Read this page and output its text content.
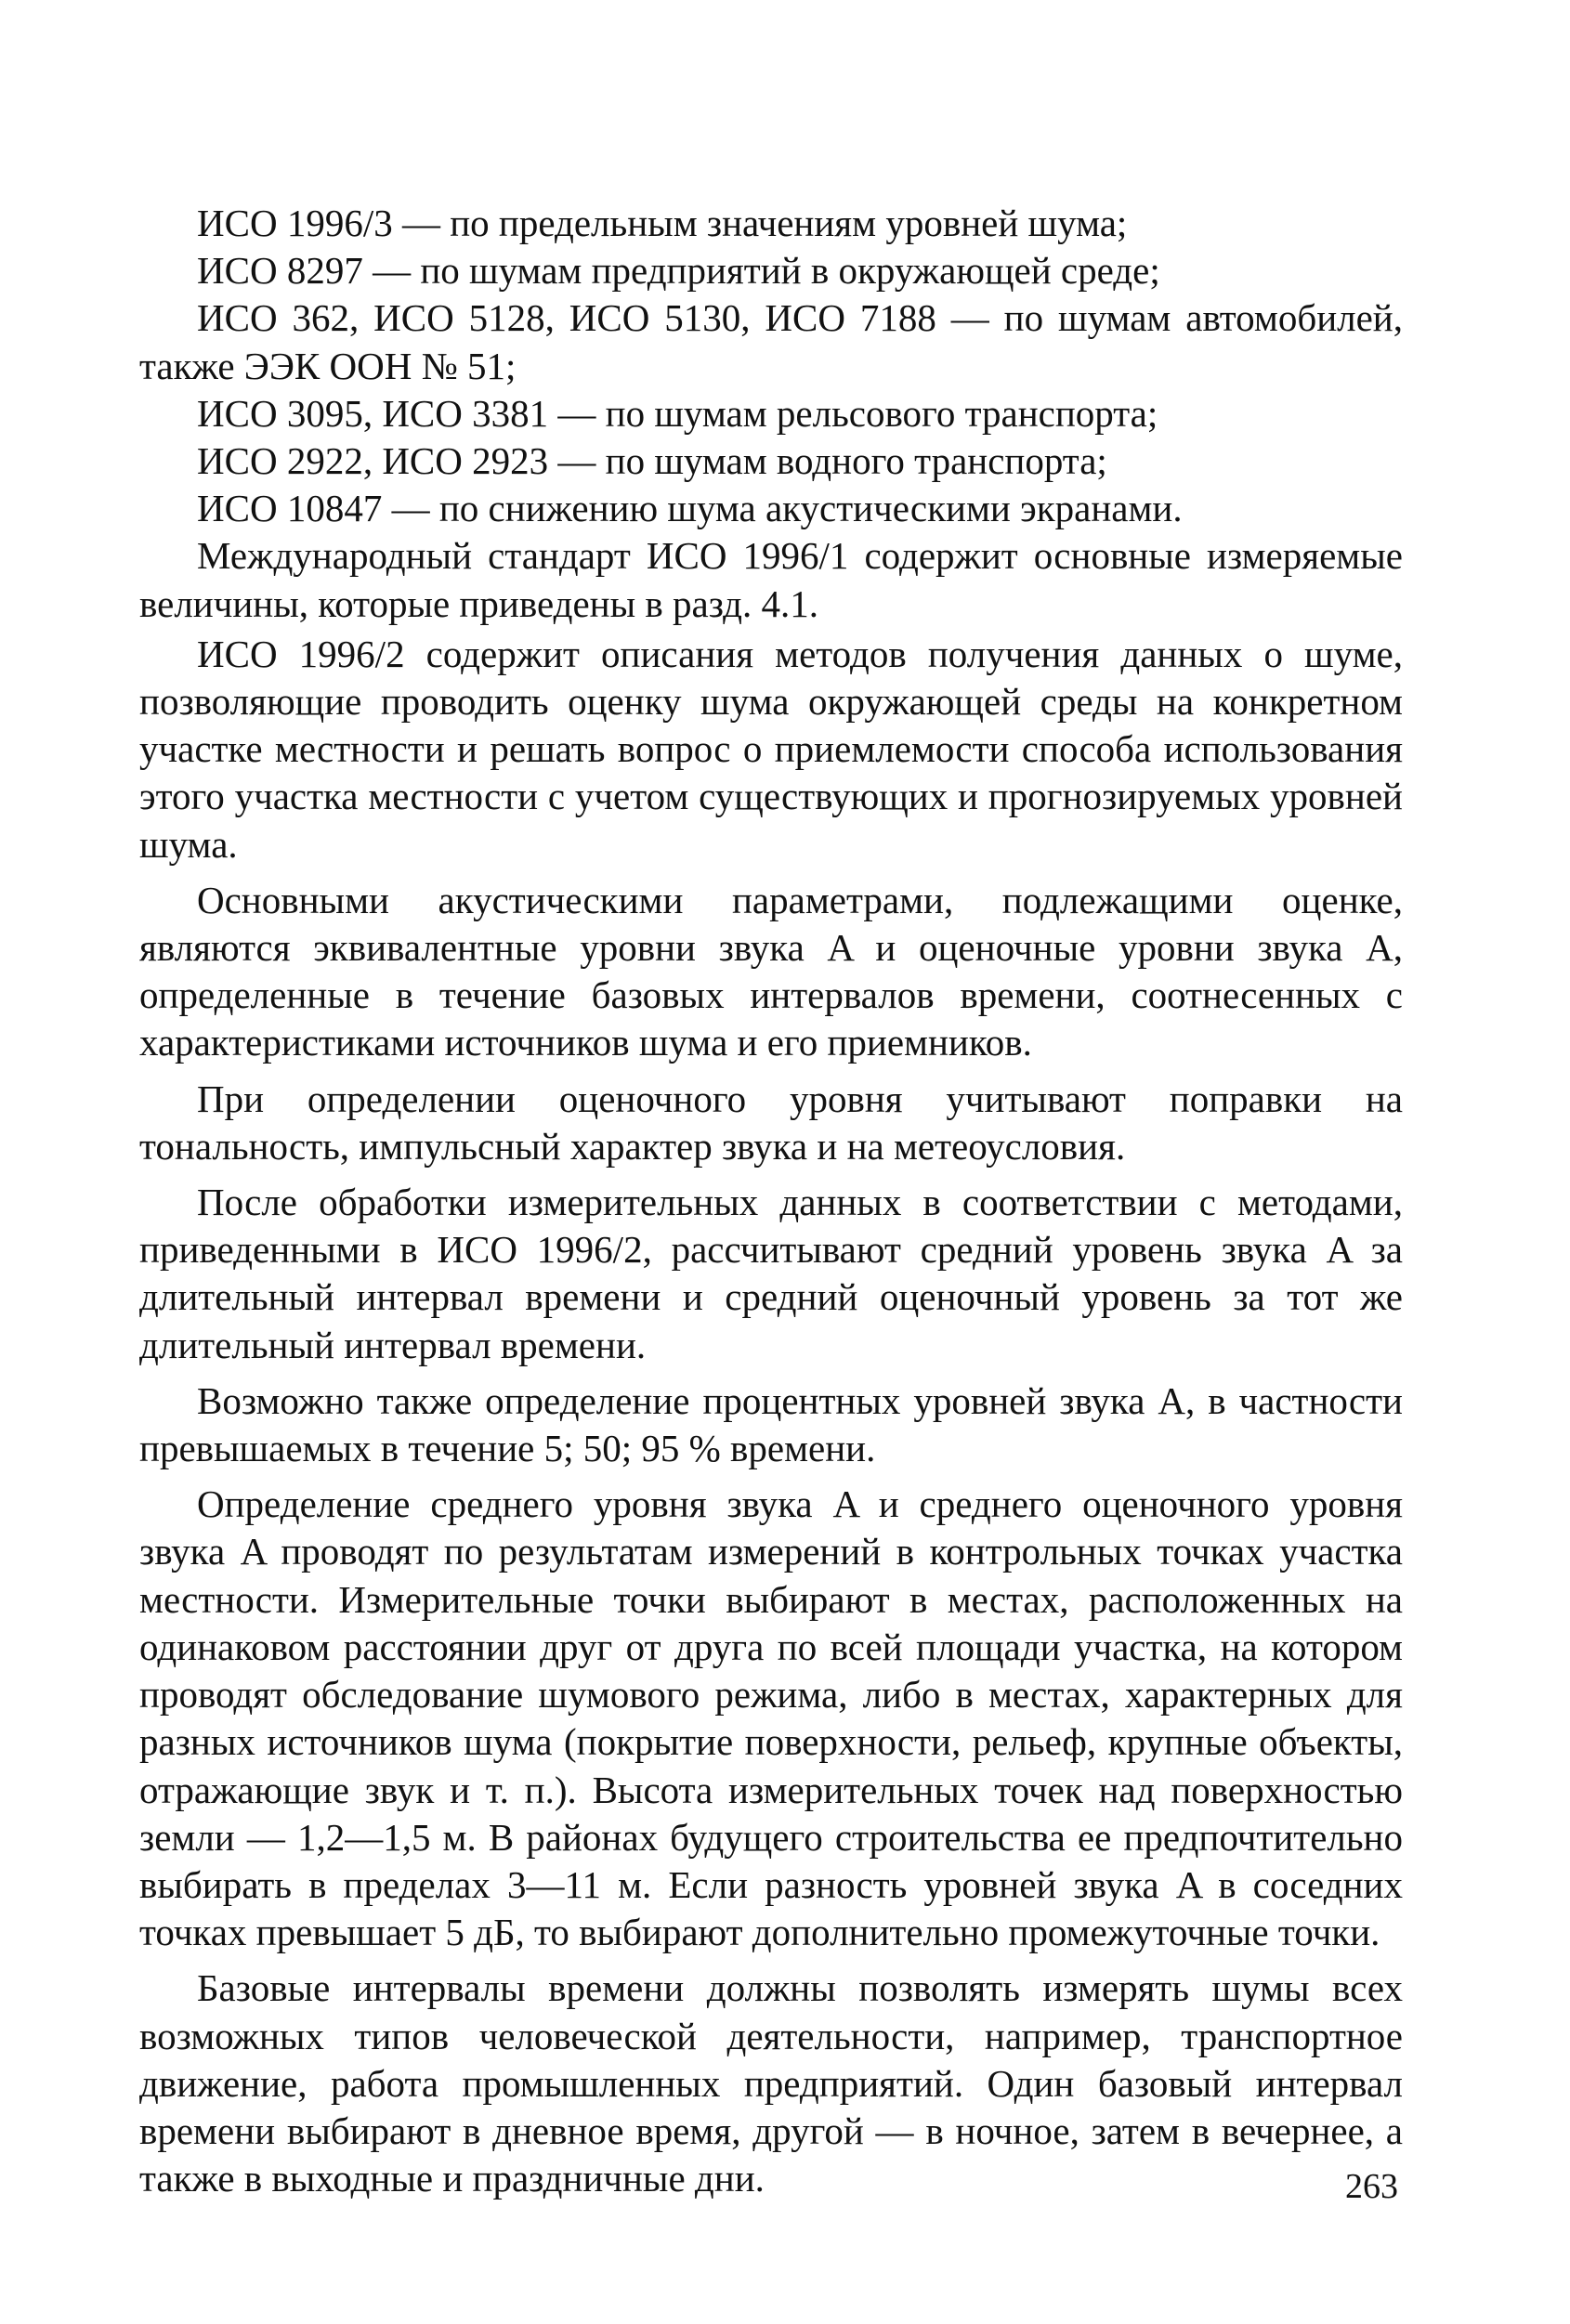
ИСО 1996/3 — по предельным значениям уровней шума;

ИСО 8297 — по шумам предприятий в окружающей среде;

ИСО 362, ИСО 5128, ИСО 5130, ИСО 7188 — по шумам автомобилей, также ЭЭК ООН № 51;

ИСО 3095, ИСО 3381 — по шумам рельсового транспорта;

ИСО 2922, ИСО 2923 — по шумам водного транспорта;

ИСО 10847 — по снижению шума акустическими экранами.

Международный стандарт ИСО 1996/1 содержит основные измеряемые величины, которые приведены в разд. 4.1.

ИСО 1996/2 содержит описания методов получения данных о шуме, позволяющие проводить оценку шума окружающей среды на конкретном участке местности и решать вопрос о приемлемости способа использования этого участка местности с учетом существующих и прогнозируемых уровней шума.

Основными акустическими параметрами, подлежащими оценке, являются эквивалентные уровни звука A и оценочные уровни звука A, определенные в течение базовых интервалов времени, соотнесенных с характеристиками источников шума и его приемников.

При определении оценочного уровня учитывают поправки на тональность, импульсный характер звука и на метеоусловия.

После обработки измерительных данных в соответствии с методами, приведенными в ИСО 1996/2, рассчитывают средний уровень звука A за длительный интервал времени и средний оценочный уровень за тот же длительный интервал времени.

Возможно также определение процентных уровней звука A, в частности превышаемых в течение 5; 50; 95 % времени.

Определение среднего уровня звука A и среднего оценочного уровня звука A проводят по результатам измерений в контрольных точках участка местности. Измерительные точки выбирают в местах, расположенных на одинаковом расстоянии друг от друга по всей площади участка, на котором проводят обследование шумового режима, либо в местах, характерных для разных источников шума (покрытие поверхности, рельеф, крупные объекты, отражающие звук и т. п.). Высота измерительных точек над поверхностью земли — 1,2—1,5 м. В районах будущего строительства ее предпочтительно выбирать в пределах 3—11 м. Если разность уровней звука A в соседних точках превышает 5 дБ, то выбирают дополнительно промежуточные точки.

Базовые интервалы времени должны позволять измерять шумы всех возможных типов человеческой деятельности, например, транспортное движение, работа промышленных предприятий. Один базовый интервал времени выбирают в дневное время, другой — в ночное, затем в вечернее, а также в выходные и праздничные дни.	263
